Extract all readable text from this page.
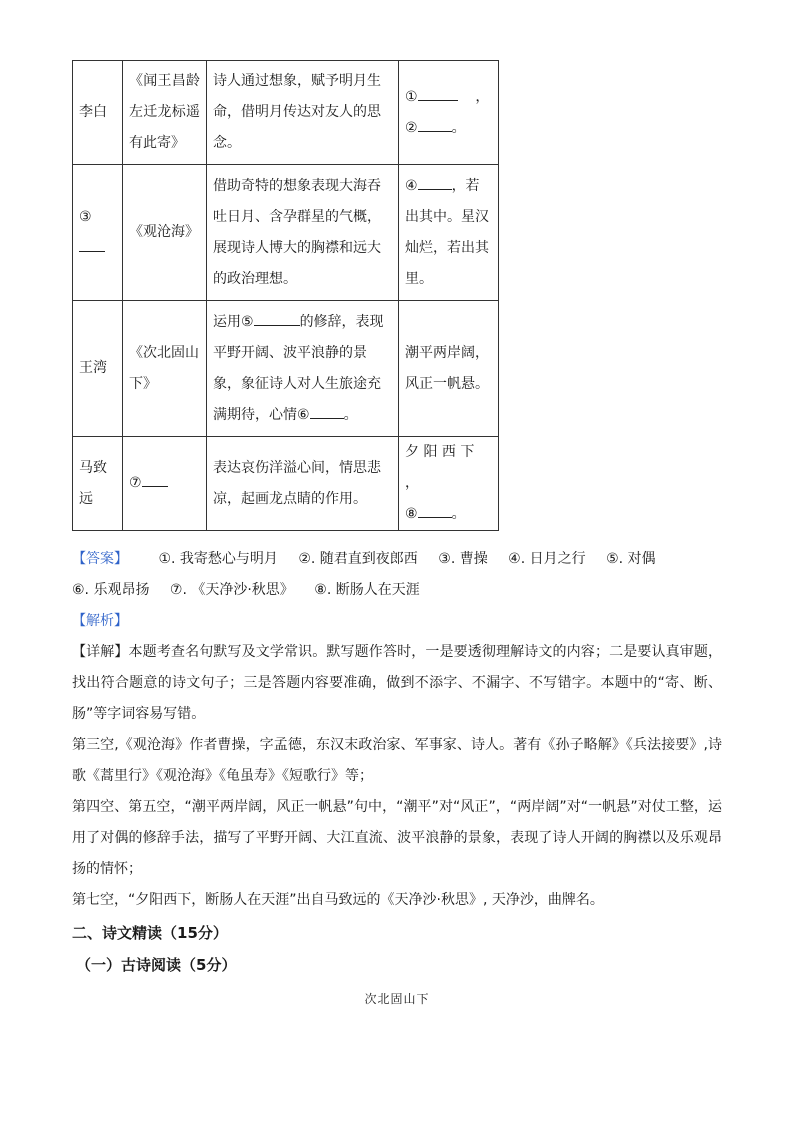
李白	《闻王昌龄左迁龙标遥有此寄》	诗人通过想象，赋予明月生命，借明月传达对友人的思念。	① ，
② 。
③	《观沧海》	借助奇特的想象表现大海吞吐日月、含孕群星的气概，展现诗人博大的胸襟和远大的政治理想。	④ ，若出其中。星汉灿烂，若出其里。
王湾	《次北固山下》	运用⑤ 的修辞，表现平野开阔、波平浪静的景象，象征诗人对人生旅途充满期待，心情⑥ 。	潮平两岸阔，风正一帆悬。
马致远	⑦	表达哀伤洋溢心间，情思悲凉，起画龙点睛的作用。	夕 阳 西 下 ，
⑧ 。
【答案】 ①. 我寄愁心与明月 ②. 随君直到夜郎西 ③. 曹操 ④. 日月之行 ⑤. 对偶
⑥. 乐观昂扬 ⑦. 《天净沙·秋思》 ⑧. 断肠人在天涯
【解析】
【详解】本题考查名句默写及文学常识。默写题作答时，一是要透彻理解诗文的内容；二是要认真审题，找出符合题意的诗文句子；三是答题内容要准确，做到不添字、不漏字、不写错字。本题中的“寄、断、肠”等字词容易写错。
第三空,《观沧海》作者曹操，字孟德，东汉末政治家、军事家、诗人。著有《孙子略解》《兵法接要》,诗歌《蒿里行》《观沧海》《龟虽寿》《短歌行》等；
第四空、第五空，“潮平两岸阔，风正一帆悬”句中，“潮平”对“风正”，“两岸阔”对“一帆悬”对仗工整，运用了对偶的修辞手法，描写了平野开阔、大江直流、波平浪静的景象，表现了诗人开阔的胸襟以及乐观昂扬的情怀；
第七空，“夕阳西下，断肠人在天涯”出自马致远的《天净沙·秋思》, 天净沙，曲牌名。
二、诗文精读（15分）
（一）古诗阅读（5分）
次北固山下
